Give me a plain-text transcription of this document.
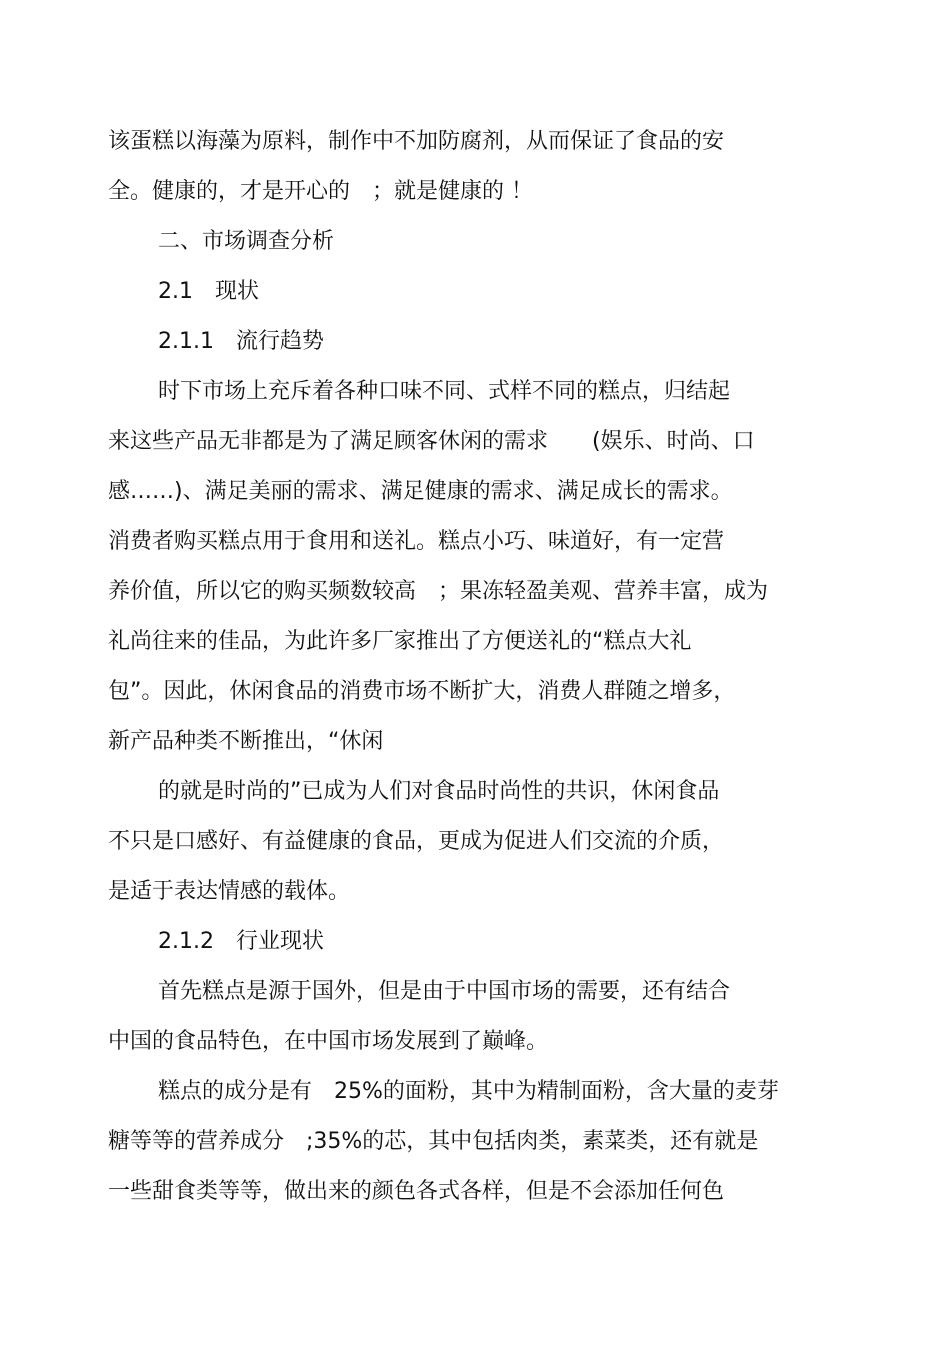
该蛋糕以海藻为原料，制作中不加防腐剂，从而保证了食品的安
全。健康的，才是开心的　；就是健康的 ！
二、市场调查分析
2.1　现状
2.1.1　流行趋势
时下市场上充斥着各种口味不同、式样不同的糕点，归结起
来这些产品无非都是为了满足顾客休闲的需求　　(娱乐、时尚、口
感……)、满足美丽的需求、满足健康的需求、满足成长的需求。
消费者购买糕点用于食用和送礼。糕点小巧、味道好，有一定营
养价值，所以它的购买频数较高　；果冻轻盈美观、营养丰富，成为
礼尚往来的佳品，为此许多厂家推出了方便送礼的“糕点大礼
包”。因此，休闲食品的消费市场不断扩大，消费人群随之增多，
新产品种类不断推出，“休闲
的就是时尚的”已成为人们对食品时尚性的共识，休闲食品
不只是口感好、有益健康的食品，更成为促进人们交流的介质，
是适于表达情感的载体。
2.1.2　行业现状
首先糕点是源于国外，但是由于中国市场的需要，还有结合
中国的食品特色，在中国市场发展到了巅峰。
糕点的成分是有　25%的面粉，其中为精制面粉，含大量的麦芽
糖等等的营养成分　;35%的芯，其中包括肉类，素菜类，还有就是
一些甜食类等等，做出来的颜色各式各样，但是不会添加任何色
